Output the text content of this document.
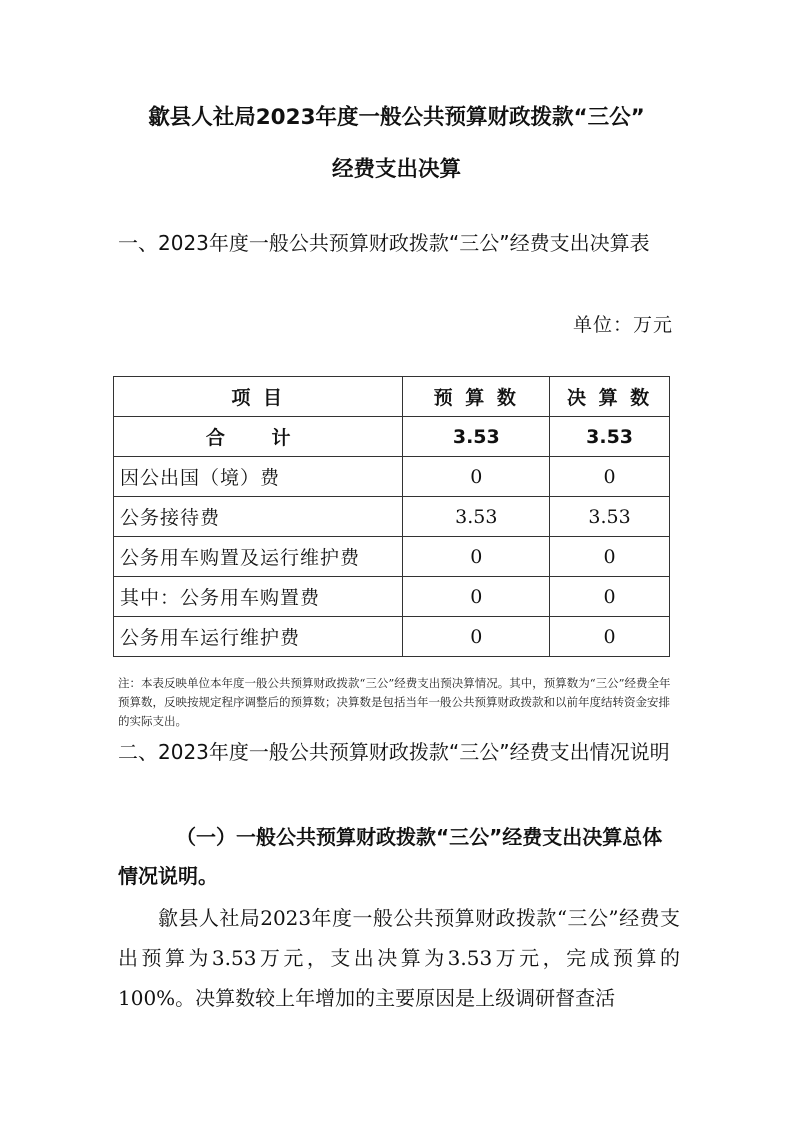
歙县人社局2023年度一般公共预算财政拨款“三公”
经费支出决算
一、2023年度一般公共预算财政拨款“三公”经费支出决算表
单位：万元
项 目	预 算 数	决 算 数
合 计	3.53	3.53
因公出国（境）费	0	0
公务接待费	3.53	3.53
公务用车购置及运行维护费	0	0
其中：公务用车购置费	0	0
公务用车运行维护费	0	0
注：本表反映单位本年度一般公共预算财政拨款“三公”经费支出预决算情况。其中，预算数为“三公”经费全年预算数，反映按规定程序调整后的预算数；决算数是包括当年一般公共预算财政拨款和以前年度结转资金安排的实际支出。
二、2023年度一般公共预算财政拨款“三公”经费支出情况说明
（一）一般公共预算财政拨款“三公”经费支出决算总体情况说明。
歙县人社局2023年度一般公共预算财政拨款“三公”经费支出预算为3.53万元，支出决算为3.53万元，完成预算的100%。决算数较上年增加的主要原因是上级调研督查活
